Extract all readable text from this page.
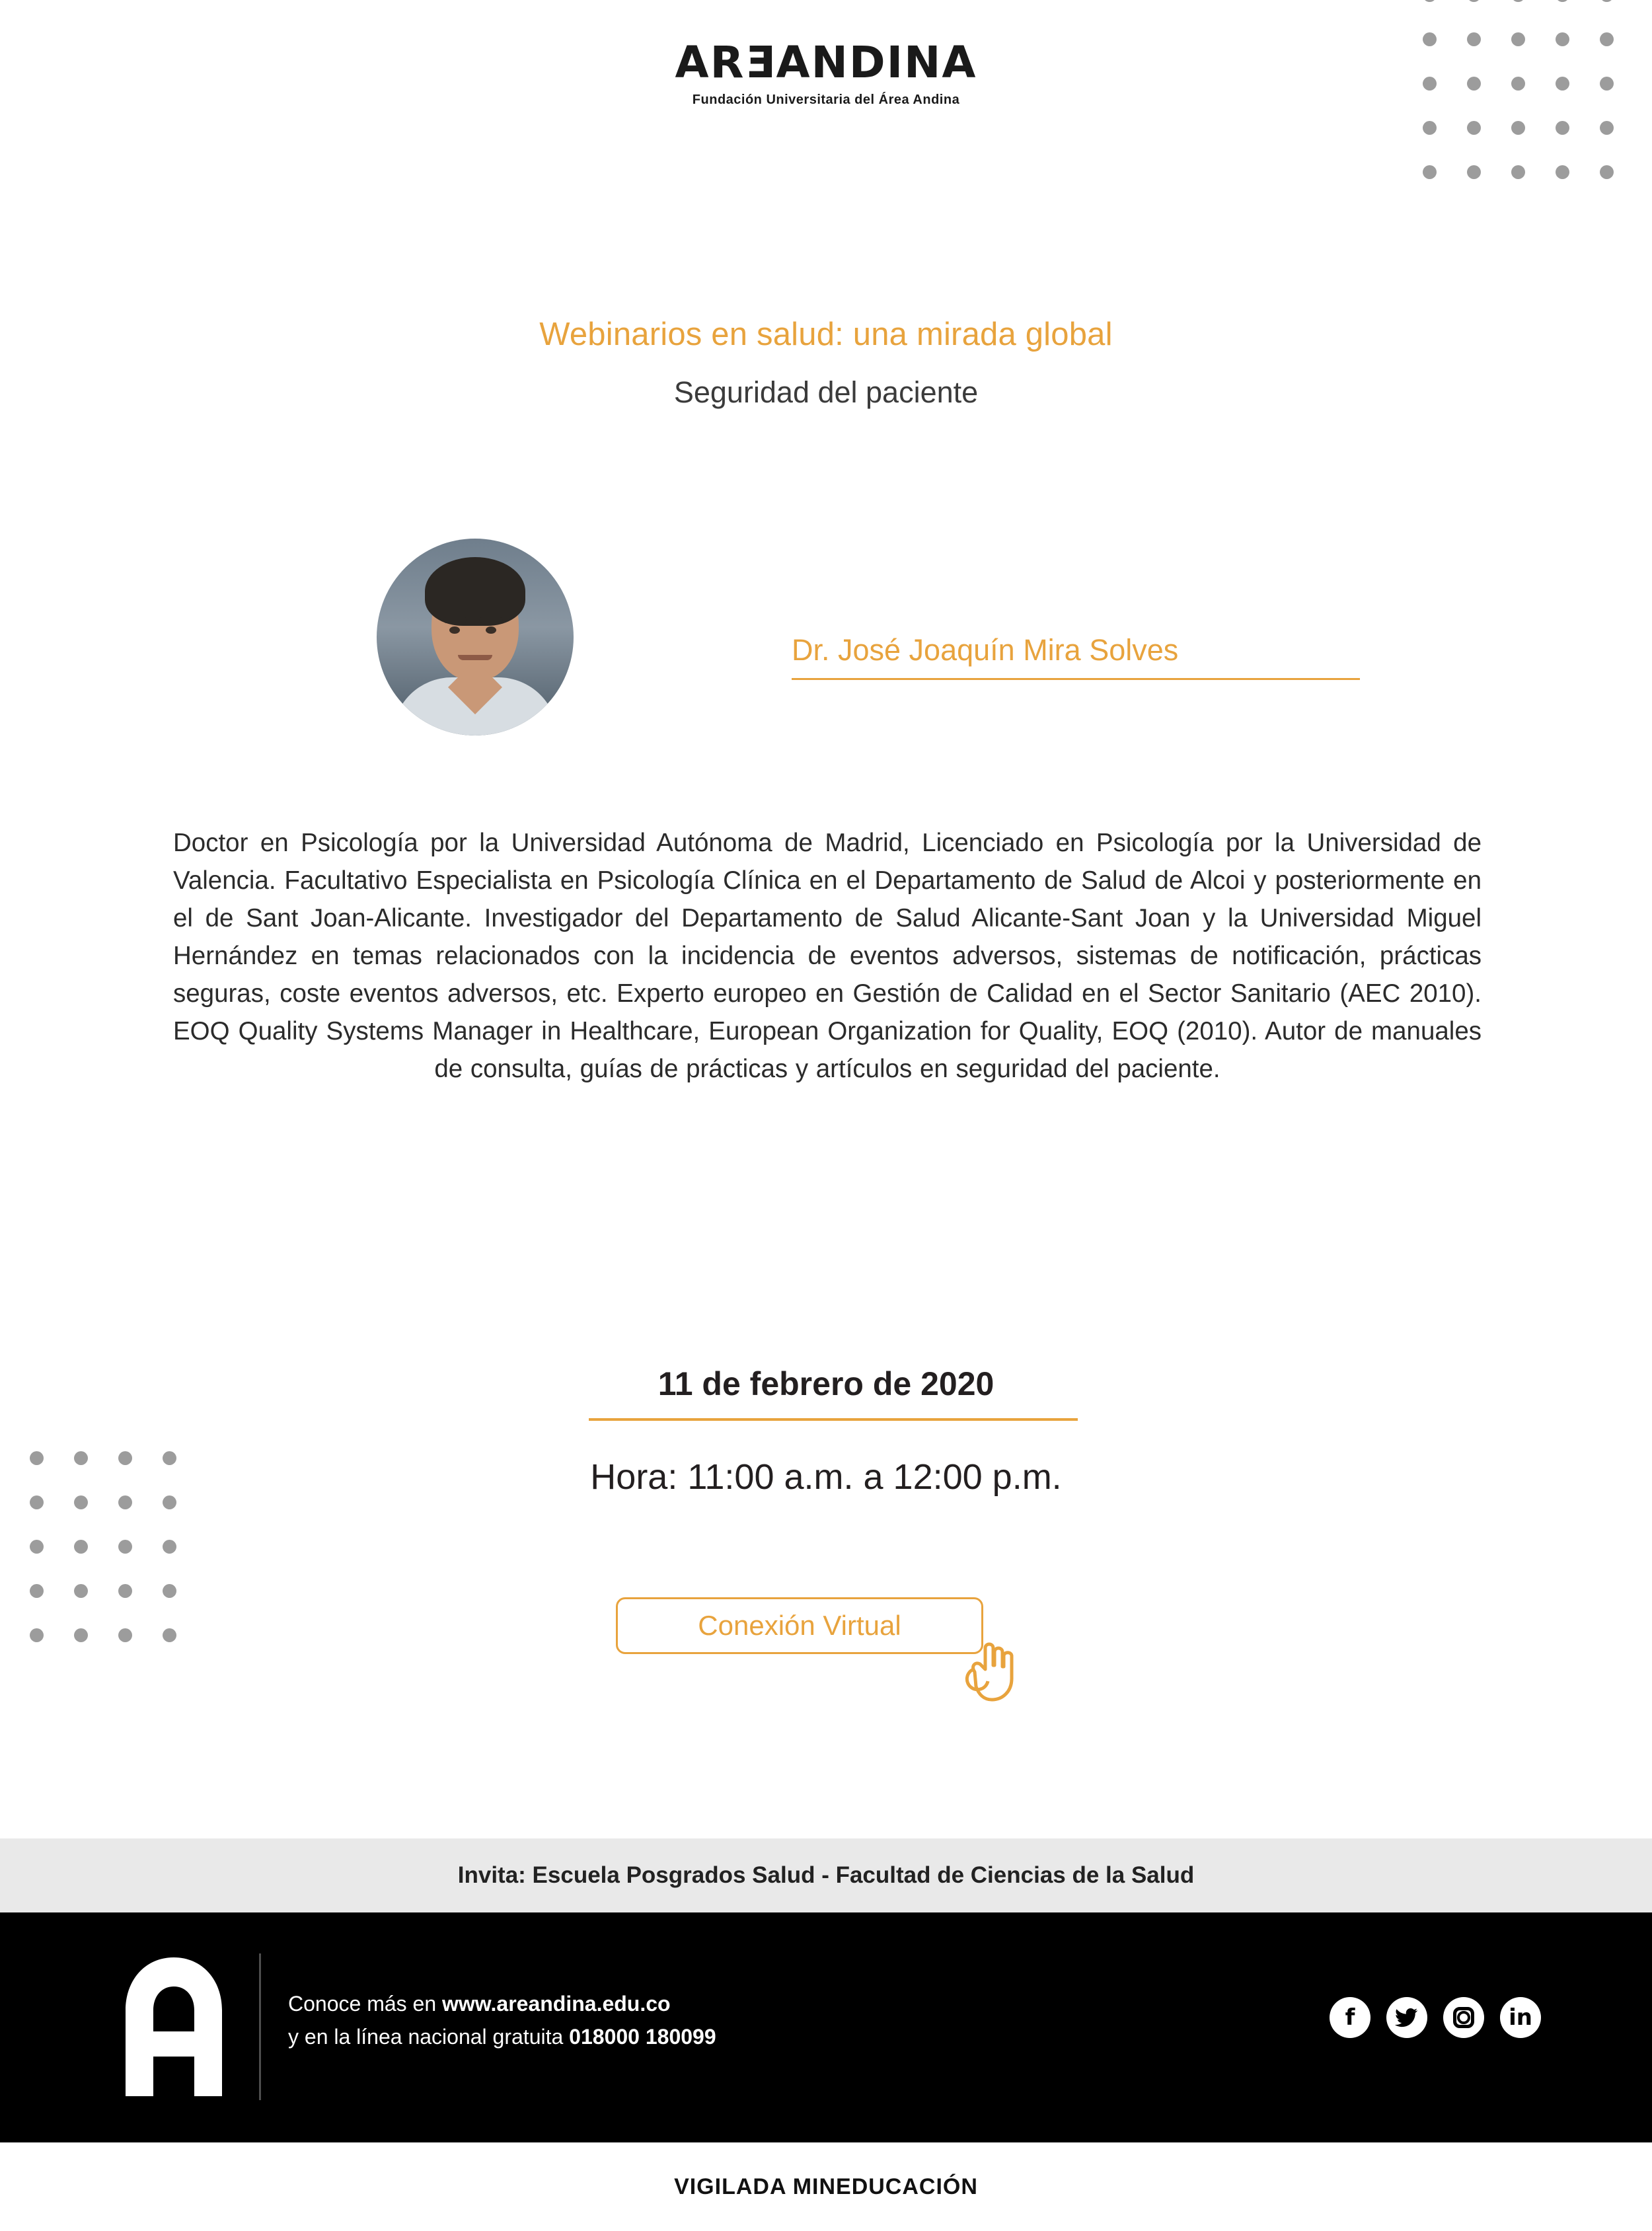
AREANDINA
Fundación Universitaria del Área Andina
Webinarios en salud: una mirada global
Seguridad del paciente
Dr. José Joaquín Mira Solves
Doctor en Psicología por la Universidad Autónoma de Madrid, Licenciado en Psicología por la Universidad de Valencia. Facultativo Especialista en Psicología Clínica en el Departamento de Salud de Alcoi y posteriormente en el de Sant Joan-Alicante. Investigador del Departamento de Salud Alicante-Sant Joan y la Universidad Miguel Hernández en temas relacionados con la incidencia de eventos adversos, sistemas de notificación, prácticas seguras, coste eventos adversos, etc. Experto europeo en Gestión de Calidad en el Sector Sanitario (AEC 2010). EOQ Quality Systems Manager in Healthcare, European Organization for Quality, EOQ (2010). Autor de manuales de consulta, guías de prácticas y artículos en seguridad del paciente.
11 de febrero de 2020
Hora: 11:00 a.m. a 12:00 p.m.
Conexión Virtual
Invita: Escuela Posgrados Salud - Facultad de Ciencias de la Salud
Conoce más en www.areandina.edu.co
y en la línea nacional gratuita 018000 180099
f	in
VIGILADA MINEDUCACIÓN
